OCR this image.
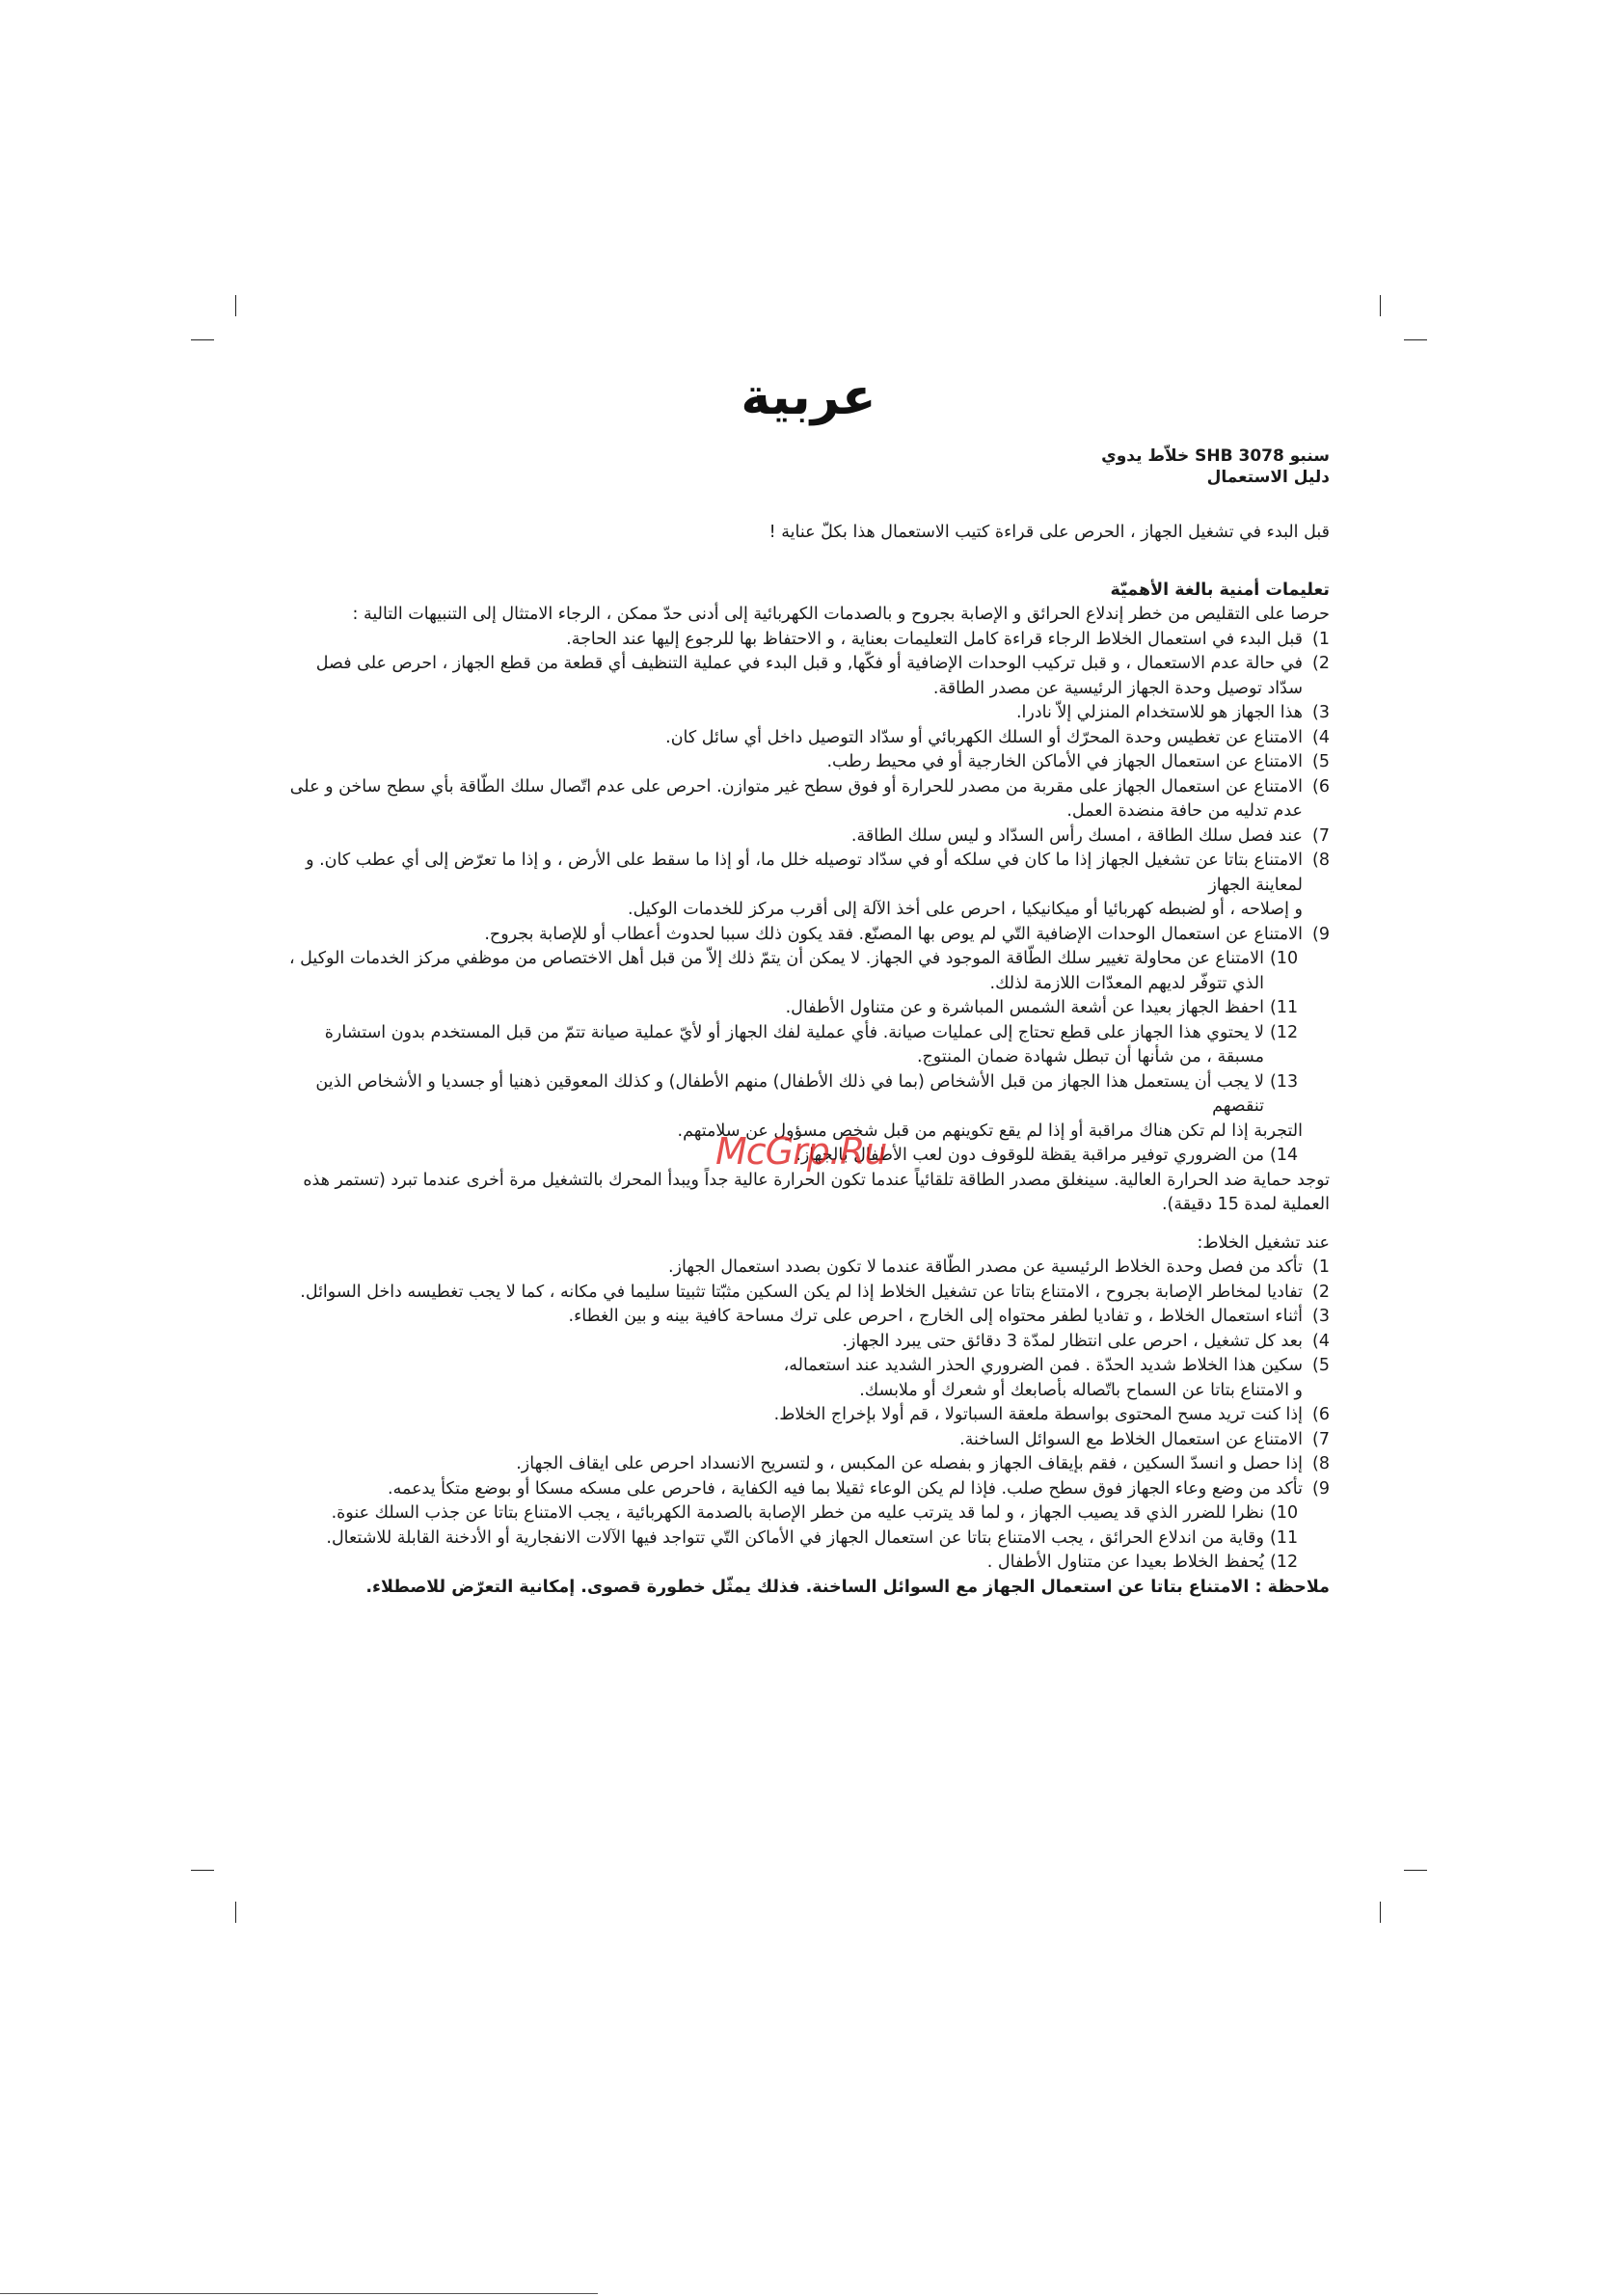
عربية
سنبو SHB 3078 خلاّط يدوي
دليل الاستعمال

قبل البدء في تشغيل الجهاز ، الحرص على قراءة كتيب الاستعمال هذا بكلّ عناية !

تعليمات أمنية بالغة الأهميّة

حرصا على التقليص من خطر إندلاع الحرائق و الإصابة بجروح و بالصدمات الكهربائية إلى أدنى حدّ ممكن ، الرجاء الامتثال إلى التنبيهات التالية :

1)
قبل البدء في استعمال الخلاط الرجاء قراءة كامل التعليمات بعناية ، و الاحتفاظ بها للرجوع إليها عند الحاجة.
2)
في حالة عدم الاستعمال ، و قبل تركيب الوحدات الإضافية أو فكّها, و قبل البدء في عملية التنظيف أي قطعة من قطع الجهاز ، احرص على فصل سدّاد توصيل وحدة الجهاز الرئيسية عن مصدر الطاقة.
3)
هذا الجهاز هو للاستخدام المنزلي إلاّ نادرا.
4)
الامتناع عن تغطيس وحدة المحرّك أو السلك الكهربائي أو سدّاد التوصيل داخل أي سائل كان.
5)
الامتناع عن استعمال الجهاز في الأماكن الخارجية أو في محيط رطب.
6)
الامتناع عن استعمال الجهاز على مقربة من مصدر للحرارة أو فوق سطح غير متوازن. احرص على عدم اتّصال سلك الطّاقة بأي سطح ساخن و على عدم تدليه من حافة منضدة العمل.
7)
عند فصل سلك الطاقة ، امسك رأس السدّاد و ليس سلك الطاقة.
8)
الامتناع بتاتا عن تشغيل الجهاز إذا ما كان في سلكه أو في سدّاد توصيله خلل ما، أو إذا ما سقط على الأرض ، و إذا ما تعرّض إلى أي عطب كان. و لمعاينة الجهاز
و إصلاحه ، أو لضبطه كهربائيا أو ميكانيكيا ، احرص على أخذ الآلة إلى أقرب مركز للخدمات الوكيل.
9)
الامتناع عن استعمال الوحدات الإضافية التّي لم يوص بها المصنّع. فقد يكون ذلك سببا لحدوث أعطاب أو للإصابة بجروح.
10)
الامتناع عن محاولة تغيير سلك الطّاقة الموجود في الجهاز. لا يمكن أن يتمّ ذلك إلاّ من قبل أهل الاختصاص من موظفي مركز الخدمات الوكيل ، الذي تتوفّر لديهم المعدّات اللازمة لذلك.
11)
احفظ الجهاز بعيدا عن أشعة الشمس المباشرة و عن متناول الأطفال.
12)
لا يحتوي هذا الجهاز على قطع تحتاج إلى عمليات صيانة. فأي عملية لفك الجهاز أو لأيّ عملية صيانة تتمّ من قبل المستخدم بدون استشارة مسبقة ، من شأنها أن تبطل شهادة ضمان المنتوج.
13)
لا يجب أن يستعمل هذا الجهاز من قبل الأشخاص (بما في ذلك الأطفال) منهم الأطفال) و كذلك المعوقين ذهنيا أو جسديا و الأشخاص الذين تنقصهم
التجربة إذا لم تكن هناك مراقبة أو إذا لم يقع تكوينهم من قبل شخص مسؤول عن سلامتهم.
14)
من الضروري توفير مراقبة يقظة للوقوف دون لعب الأطفال بالجهاز.

توجد حماية ضد الحرارة العالية. سينغلق مصدر الطاقة تلقائياً عندما تكون الحرارة عالية جداً ويبدأ المحرك بالتشغيل مرة أخرى عندما تبرد (تستمر هذه العملية لمدة 15 دقيقة).

عند تشغيل الخلاط:

1)
تأكد من فصل وحدة الخلاط الرئيسية عن مصدر الطّاقة عندما لا تكون بصدد استعمال الجهاز.
2)
تفاديا لمخاطر الإصابة بجروح ، الامتناع بتاتا عن تشغيل الخلاط إذا لم يكن السكين مثبّتا تثبيتا سليما في مكانه ، كما لا يجب تغطيسه داخل السوائل.
3)
أثناء استعمال الخلاط ، و تفاديا لطفر محتواه إلى الخارج ، احرص على ترك مساحة كافية بينه و بين الغطاء.
4)
بعد كل تشغيل ، احرص على انتظار لمدّة 3 دقائق حتى يبرد الجهاز.
5)
سكين هذا الخلاط شديد الحدّة . فمن الضروري الحذر الشديد عند استعماله،
و الامتناع بتاتا عن السماح باتّصاله بأصابعك أو شعرك أو ملابسك.
6)
إذا كنت تريد مسح المحتوى بواسطة ملعقة السباتولا ، قم أولا بإخراج الخلاط.
7)
الامتناع عن استعمال الخلاط مع السوائل الساخنة.
8)
إذا حصل و انسدّ السكين ، فقم بإيقاف الجهاز و بفصله عن المكبس ، و لتسريح الانسداد احرص على ايقاف الجهاز.
9)
تأكد من وضع وعاء الجهاز فوق سطح صلب. فإذا لم يكن الوعاء ثقيلا بما فيه الكفاية ، فاحرص على مسكه مسكا أو بوضع متكأ يدعمه.
10)
نظرا للضرر الذي قد يصيب الجهاز ، و لما قد يترتب عليه من خطر الإصابة بالصدمة الكهربائية ، يجب الامتناع بتاتا عن جذب السلك عنوة.
11)
وقاية من اندلاع الحرائق ، يجب الامتناع بتاتا عن استعمال الجهاز في الأماكن التّي تتواجد فيها الآلات الانفجارية أو الأدخنة القابلة للاشتعال.
12)
يُحفظ الخلاط بعيدا عن متناول الأطفال .

ملاحظة : الامتناع بتاتا عن استعمال الجهاز مع السوائل الساخنة. فذلك يمثّل خطورة قصوى. إمكانية التعرّض للاصطلاء.

McGrp.Ru
